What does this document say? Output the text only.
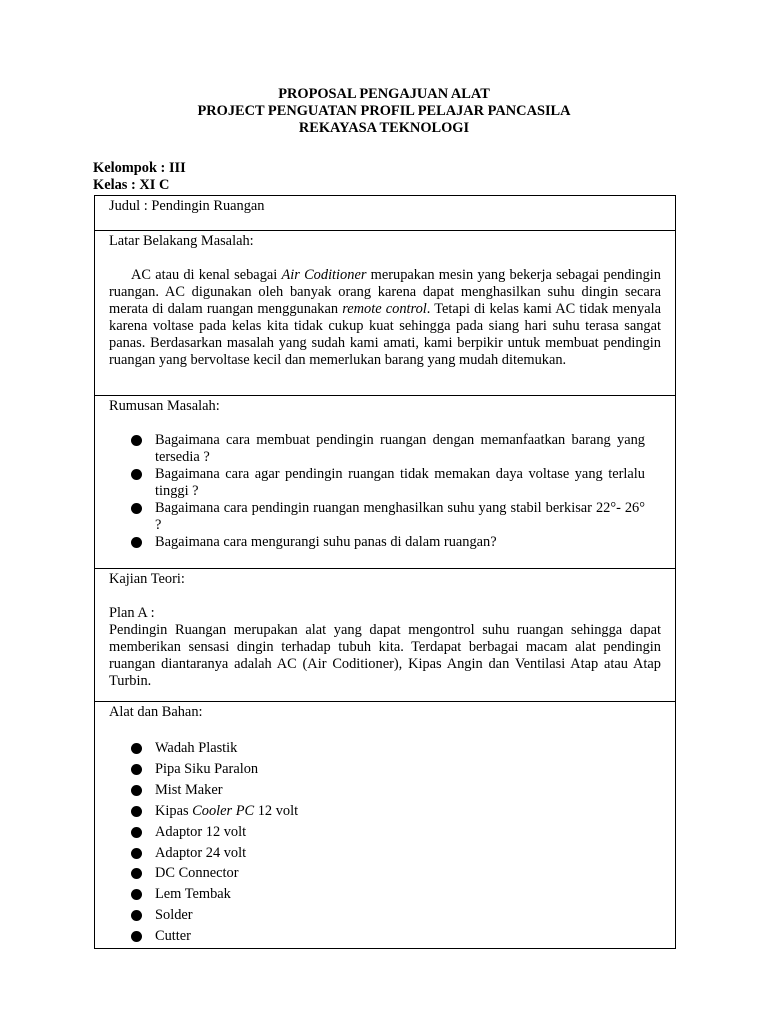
PROPOSAL PENGAJUAN ALAT
PROJECT PENGUATAN PROFIL PELAJAR PANCASILA
REKAYASA TEKNOLOGI
Kelompok : III
Kelas : XI C
Judul : Pendingin Ruangan
Latar Belakang Masalah:
AC atau di kenal sebagai Air Coditioner merupakan mesin yang bekerja sebagai pendingin ruangan. AC digunakan oleh banyak orang karena dapat menghasilkan suhu dingin secara merata di dalam ruangan menggunakan remote control. Tetapi di kelas kami AC tidak menyala karena voltase pada kelas kita tidak cukup kuat sehingga pada siang hari suhu terasa sangat panas. Berdasarkan masalah yang sudah kami amati, kami berpikir untuk membuat pendingin ruangan yang bervoltase kecil dan memerlukan barang yang mudah ditemukan.
Rumusan Masalah:
Bagaimana cara membuat pendingin ruangan dengan memanfaatkan barang yang tersedia ?
Bagaimana cara agar pendingin ruangan tidak memakan daya voltase yang terlalu tinggi ?
Bagaimana cara pendingin ruangan menghasilkan suhu yang stabil berkisar 22°- 26° ?
Bagaimana cara mengurangi suhu panas di dalam ruangan?
Kajian Teori:
Plan A :
Pendingin Ruangan merupakan alat yang dapat mengontrol suhu ruangan sehingga dapat memberikan sensasi dingin terhadap tubuh kita. Terdapat berbagai macam alat pendingin ruangan diantaranya adalah AC (Air Coditioner), Kipas Angin dan Ventilasi Atap atau Atap Turbin.
Alat dan Bahan:
Wadah Plastik
Pipa Siku Paralon
Mist Maker
Kipas Cooler PC 12 volt
Adaptor 12 volt
Adaptor 24 volt
DC Connector
Lem Tembak
Solder
Cutter
